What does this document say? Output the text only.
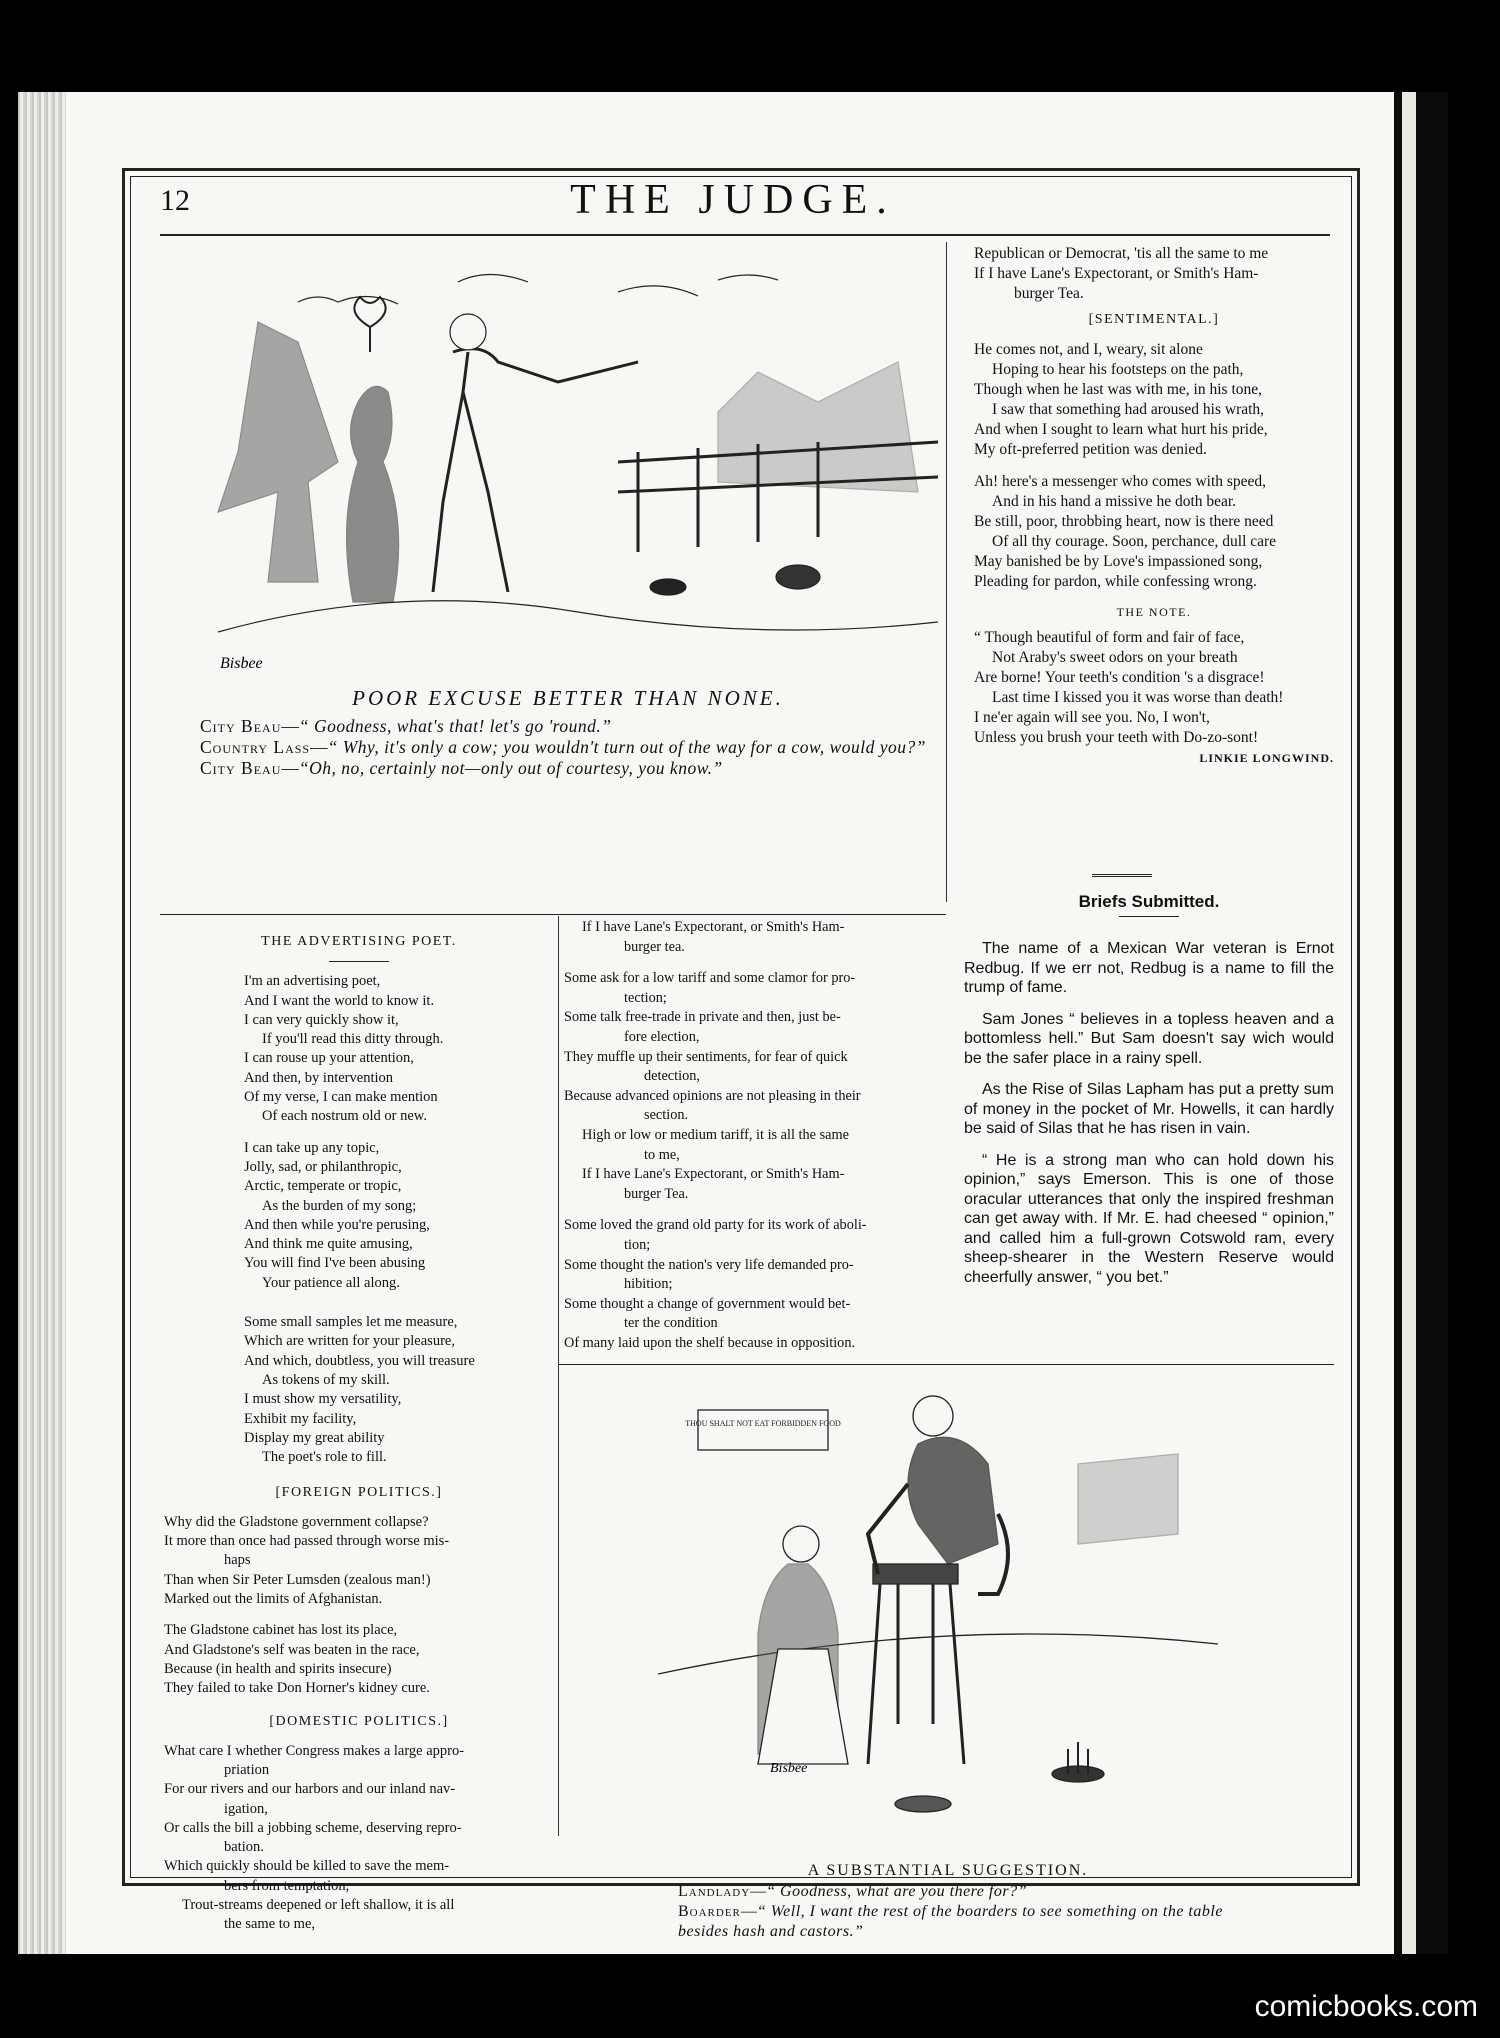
12	THE JUDGE.
Bisbee
POOR EXCUSE BETTER THAN NONE.
City Beau—“ Goodness, what's that! let's go 'round.”
Country Lass—“ Why, it's only a cow; you wouldn't turn out of the way for a cow, would you?”
City Beau—“Oh, no, certainly not—only out of courtesy, you know.”

Republican or Democrat, 'tis all the same to me

If I have Lane's Expectorant, or Smith's Ham-

burger Tea.

[SENTIMENTAL.]

He comes not, and I, weary, sit alone

Hoping to hear his footsteps on the path,

Though when he last was with me, in his tone,

I saw that something had aroused his wrath,

And when I sought to learn what hurt his pride,

My oft-preferred petition was denied.

Ah! here's a messenger who comes with speed,

And in his hand a missive he doth bear.

Be still, poor, throbbing heart, now is there need

Of all thy courage. Soon, perchance, dull care

May banished be by Love's impassioned song,

Pleading for pardon, while confessing wrong.

THE NOTE.

“ Though beautiful of form and fair of face,

Not Araby's sweet odors on your breath

Are borne! Your teeth's condition 's a disgrace!

Last time I kissed you it was worse than death!

I ne'er again will see you. No, I won't,

Unless you brush your teeth with Do-zo-sont!

LINKIE LONGWIND.
Briefs Submitted.

The name of a Mexican War veteran is Ernot Redbug. If we err not, Redbug is a name to fill the trump of fame.

Sam Jones “ believes in a topless heaven and a bottomless hell.” But Sam doesn't say wich would be the safer place in a rainy spell.

As the Rise of Silas Lapham has put a pretty sum of money in the pocket of Mr. Howells, it can hardly be said of Silas that he has risen in vain.

“ He is a strong man who can hold down his opinion,” says Emerson. This is one of those oracular utterances that only the inspired freshman can get away with. If Mr. E. had cheesed “ opinion,” and called him a full-grown Cotswold ram, every sheep-shearer in the Western Reserve would cheerfully answer, “ you bet.”

THE ADVERTISING POET.

I'm an advertising poet,

And I want the world to know it.

I can very quickly show it,

If you'll read this ditty through.

I can rouse up your attention,

And then, by intervention

Of my verse, I can make mention

Of each nostrum old or new.

I can take up any topic,

Jolly, sad, or philanthropic,

Arctic, temperate or tropic,

As the burden of my song;

And then while you're perusing,

And think me quite amusing,

You will find I've been abusing

Your patience all along.

Some small samples let me measure,

Which are written for your pleasure,

And which, doubtless, you will treasure

As tokens of my skill.

I must show my versatility,

Exhibit my facility,

Display my great ability

The poet's role to fill.

[FOREIGN POLITICS.]

Why did the Gladstone government collapse?

It more than once had passed through worse mis-

haps

Than when Sir Peter Lumsden (zealous man!)

Marked out the limits of Afghanistan.

The Gladstone cabinet has lost its place,

And Gladstone's self was beaten in the race,

Because (in health and spirits insecure)

They failed to take Don Horner's kidney cure.

[DOMESTIC POLITICS.]

What care I whether Congress makes a large appro-

priation

For our rivers and our harbors and our inland nav-

igation,

Or calls the bill a jobbing scheme, deserving repro-

bation.

Which quickly should be killed to save the mem-

bers from temptation,

Trout-streams deepened or left shallow, it is all

the same to me,

If I have Lane's Expectorant, or Smith's Ham-

burger tea.

Some ask for a low tariff and some clamor for pro-

tection;

Some talk free-trade in private and then, just be-

fore election,

They muffle up their sentiments, for fear of quick

detection,

Because advanced opinions are not pleasing in their

section.

High or low or medium tariff, it is all the same

to me,

If I have Lane's Expectorant, or Smith's Ham-

burger Tea.

Some loved the grand old party for its work of aboli-

tion;

Some thought the nation's very life demanded pro-

hibition;

Some thought a change of government would bet-

ter the condition

Of many laid upon the shelf because in opposition.

THOU SHALT NOT EAT FORBIDDEN FOOD
Bisbee
A SUBSTANTIAL SUGGESTION.
Landlady—“ Goodness, what are you there for?”
Boarder—“ Well, I want the rest of the boarders to see something on the table besides hash and castors.”
comicbooks.com
